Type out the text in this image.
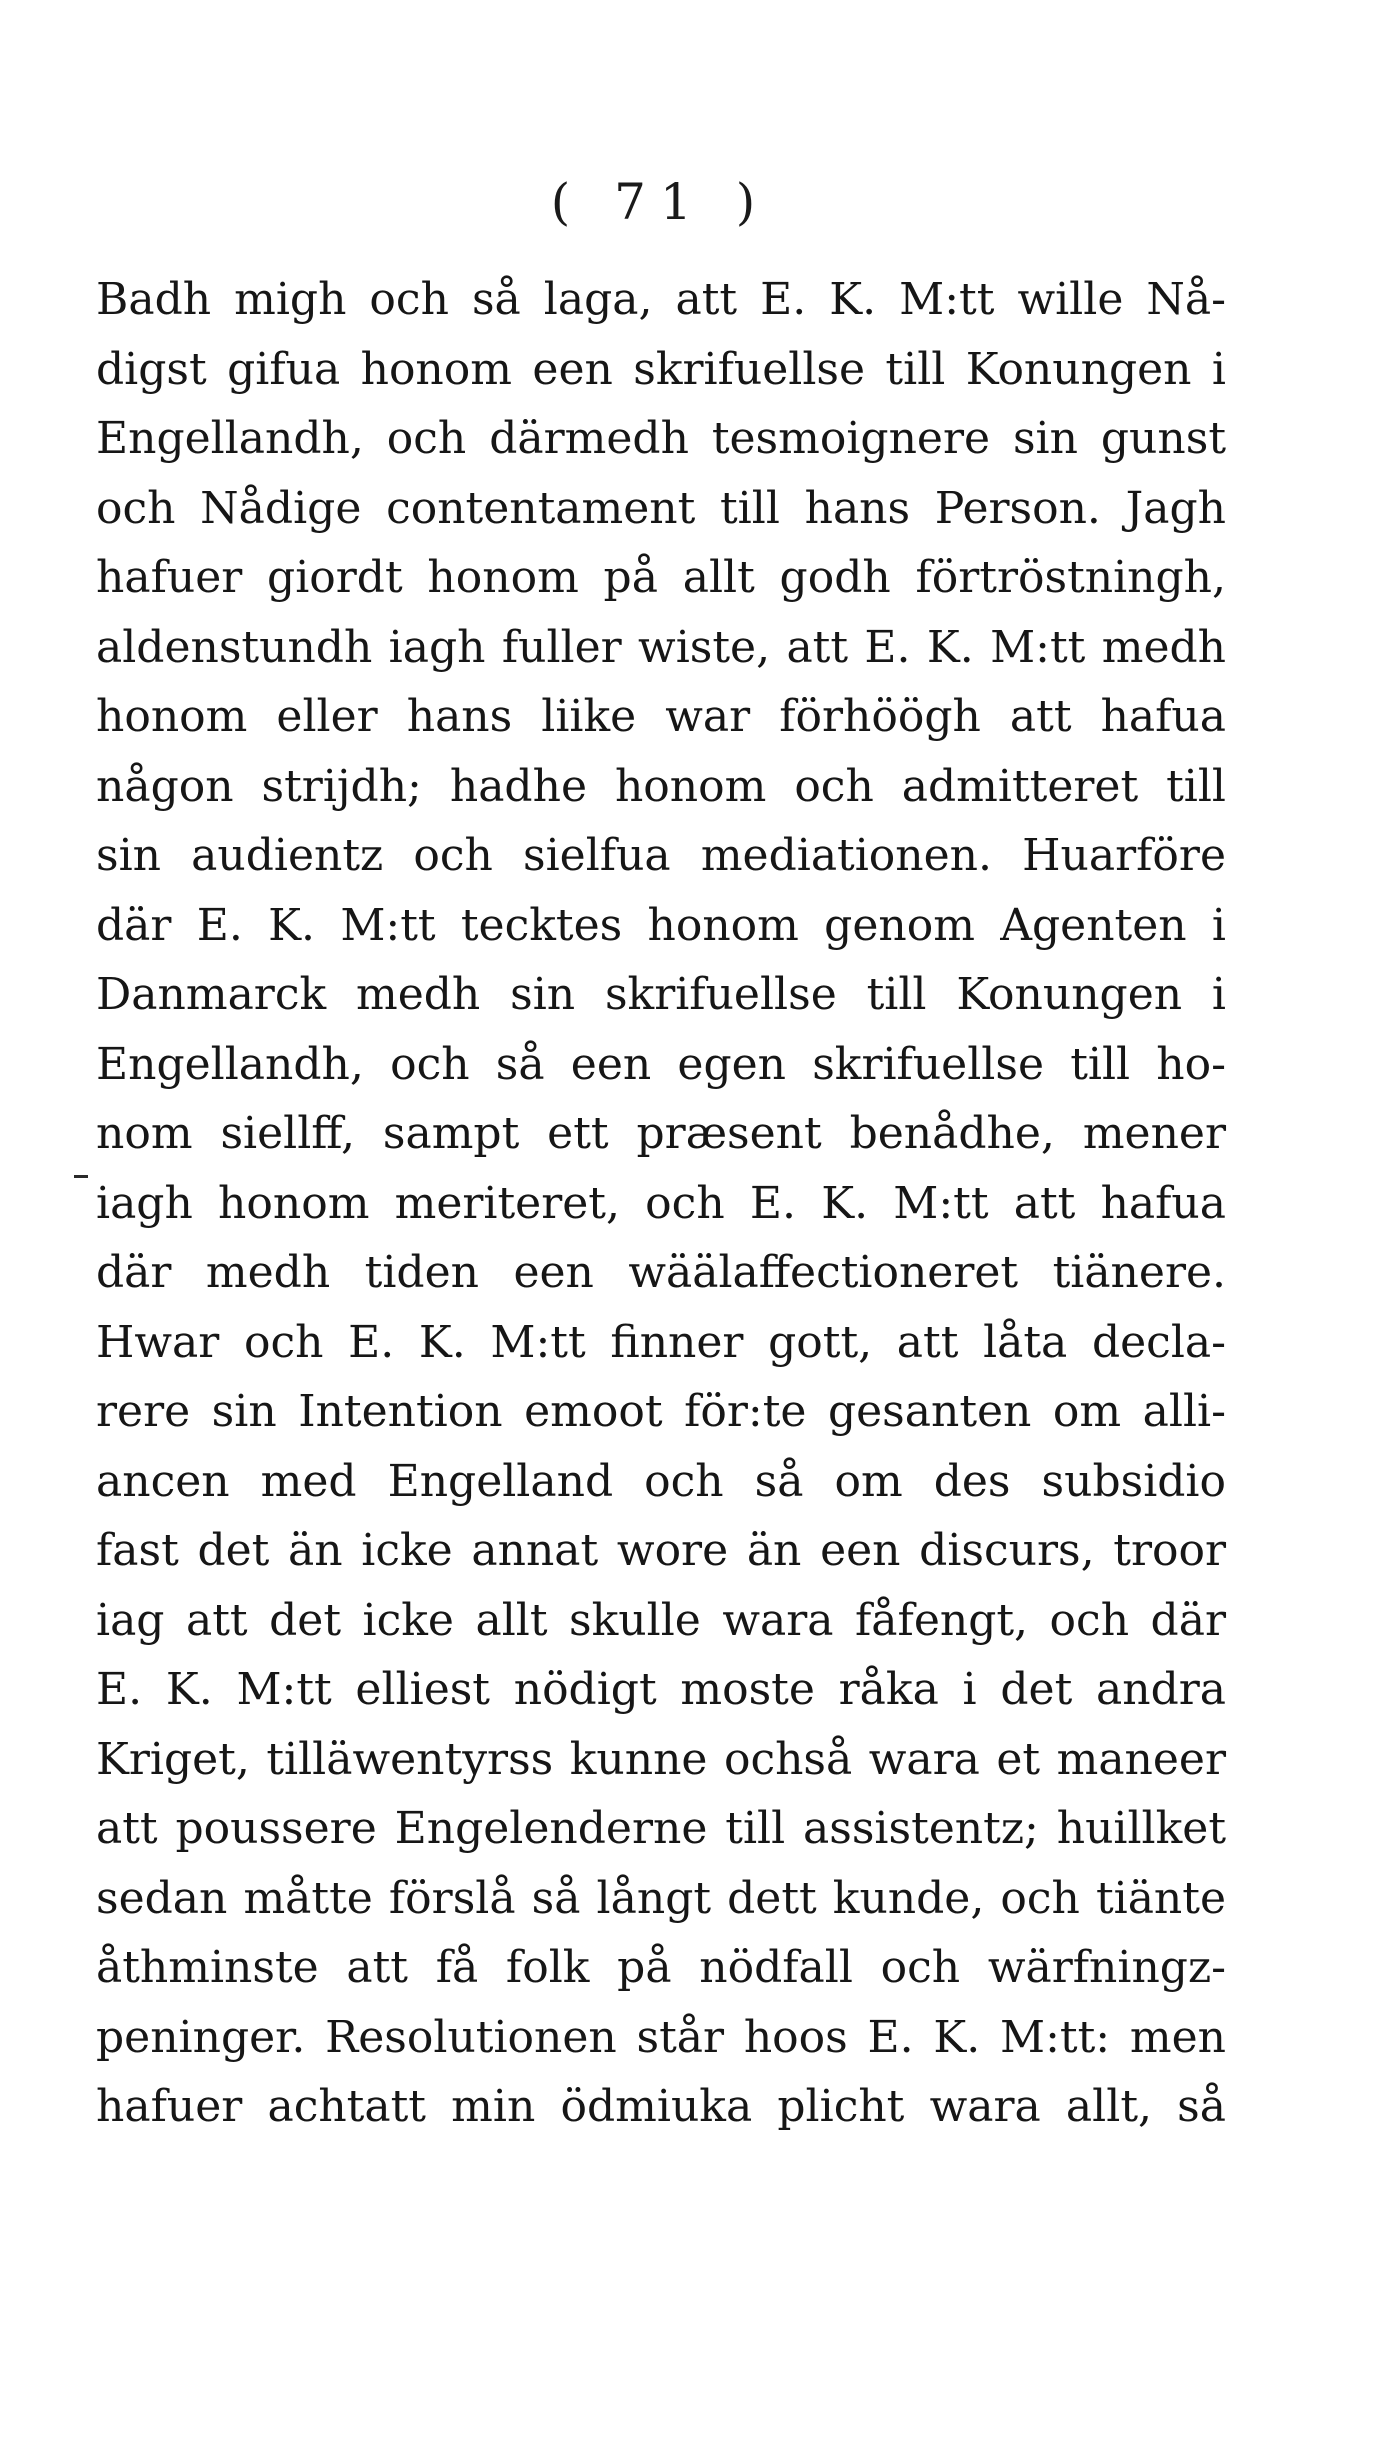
( 71 )
Badh migh och så laga, att E. K. M:tt wille Nå-
digst gifua honom een skrifuellse till Konungen i
Engellandh, och därmedh tesmoignere sin gunst
och Nådige contentament till hans Person. Jagh
hafuer giordt honom på allt godh förtröstningh,
aldenstundh iagh fuller wiste, att E. K. M:tt medh
honom eller hans liike war förhöögh att hafua
någon strijdh; hadhe honom och admitteret till
sin audientz och sielfua mediationen. Huarföre
där E. K. M:tt tecktes honom genom Agenten i
Danmarck medh sin skrifuellse till Konungen i
Engellandh, och så een egen skrifuellse till ho-
nom siellff, sampt ett præsent benådhe, mener
iagh honom meriteret, och E. K. M:tt att hafua
där medh tiden een wäälaffectioneret tiänere.
Hwar och E. K. M:tt finner gott, att låta decla-
rere sin Intention emoot för:te gesanten om alli-
ancen med Engelland och så om des subsidio
fast det än icke annat wore än een discurs, troor
iag att det icke allt skulle wara fåfengt, och där
E. K. M:tt elliest nödigt moste råka i det andra
Kriget, tilläwentyrss kunne ochså wara et maneer
att poussere Engelenderne till assistentz; huillket
sedan måtte förslå så långt dett kunde, och tiänte
åthminste att få folk på nödfall och wärfningz-
peninger. Resolutionen står hoos E. K. M:tt: men
hafuer achtatt min ödmiuka plicht wara allt, så
